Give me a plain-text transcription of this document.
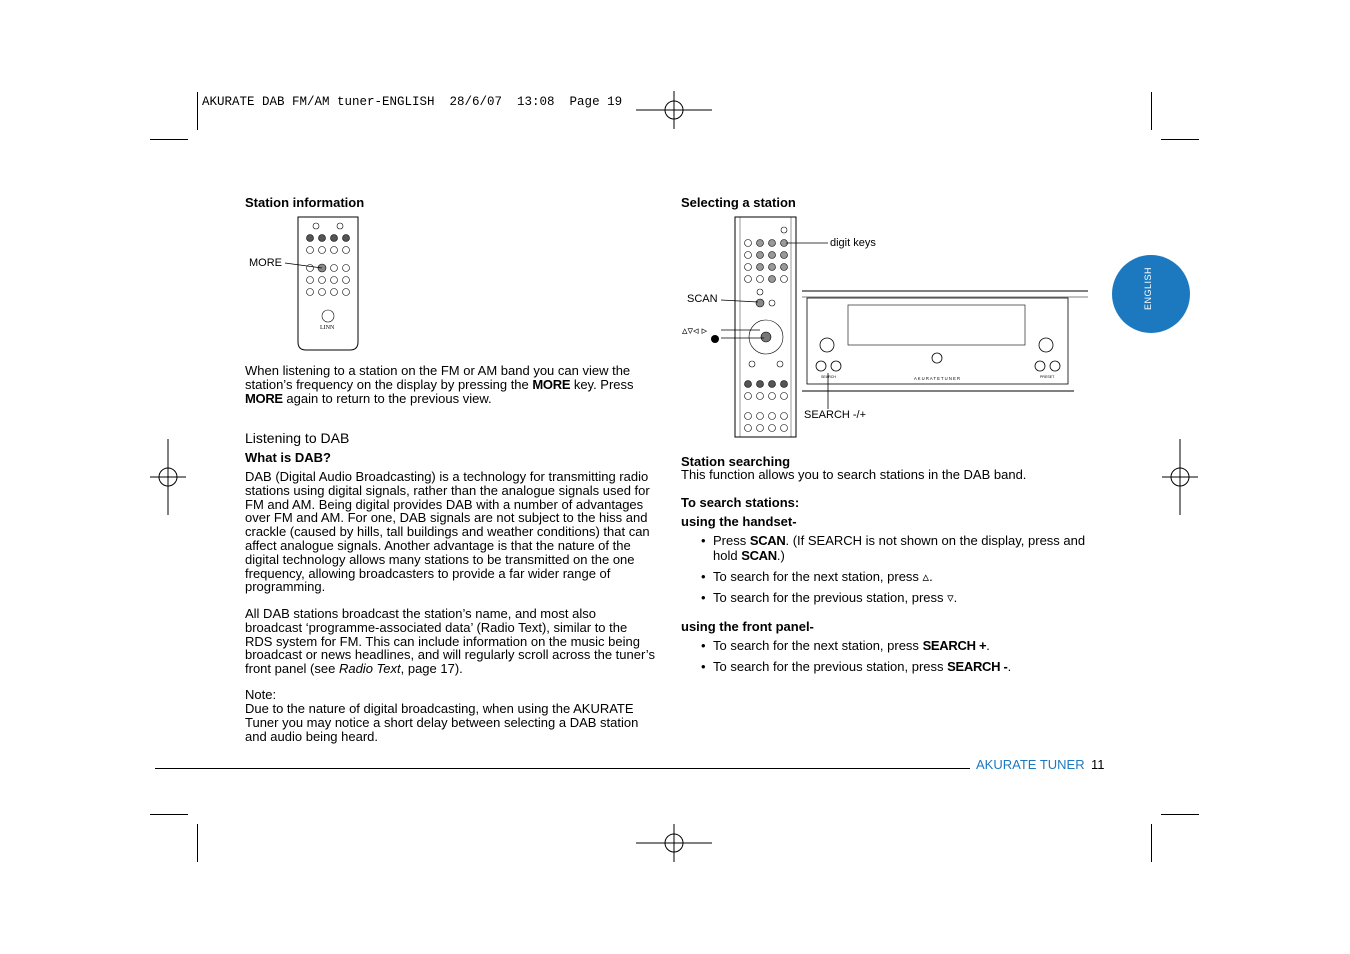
AKURATE DAB FM/AM tuner-ENGLISH  28/6/07  13:08  Page 19
ENGLISH
Station information
LINN
MORE

When listening to a station on the FM or AM band you can view the station’s frequency on the display by pressing the MORE key. Press MORE again to return to the previous view.

Listening to DAB
What is DAB?

DAB (Digital Audio Broadcasting) is a technology for transmitting radio stations using digital signals, rather than the analogue signals used for FM and AM. Being digital provides DAB with a number of advantages over FM and AM. For one, DAB signals are not subject to the hiss and crackle (caused by hills, tall buildings and weather conditions) that can affect analogue signals. Another advantage is that the nature of the digital technology allows many stations to be transmitted on the one frequency, allowing broadcasters to provide a far wider range of programming.

All DAB stations broadcast the station’s name, and most also broadcast ‘programme-associated data’ (Radio Text), similar to the RDS system for FM. This can include information on the music being broadcast or news headlines, and will regularly scroll across the tuner’s front panel (see Radio Text, page 17).

Note:

Due to the nature of digital broadcasting, when using the AKURATE Tuner you may notice a short delay between selecting a DAB station and audio being heard.

Selecting a station
A K U R A T E T U N E R
SEARCH	PRESET
digit keys
SCAN
▵▿◃ ▹
SEARCH -/+
Station searching

This function allows you to search stations in the DAB band.

To search stations:
using the handset-
• Press SCAN. (If SEARCH is not shown on the display, press and hold SCAN.)
• To search for the next station, press ▵.
• To search for the previous station, press ▿.
using the front panel-
• To search for the next station, press SEARCH +.
• To search for the previous station, press SEARCH -.
AKURATE TUNER 11
